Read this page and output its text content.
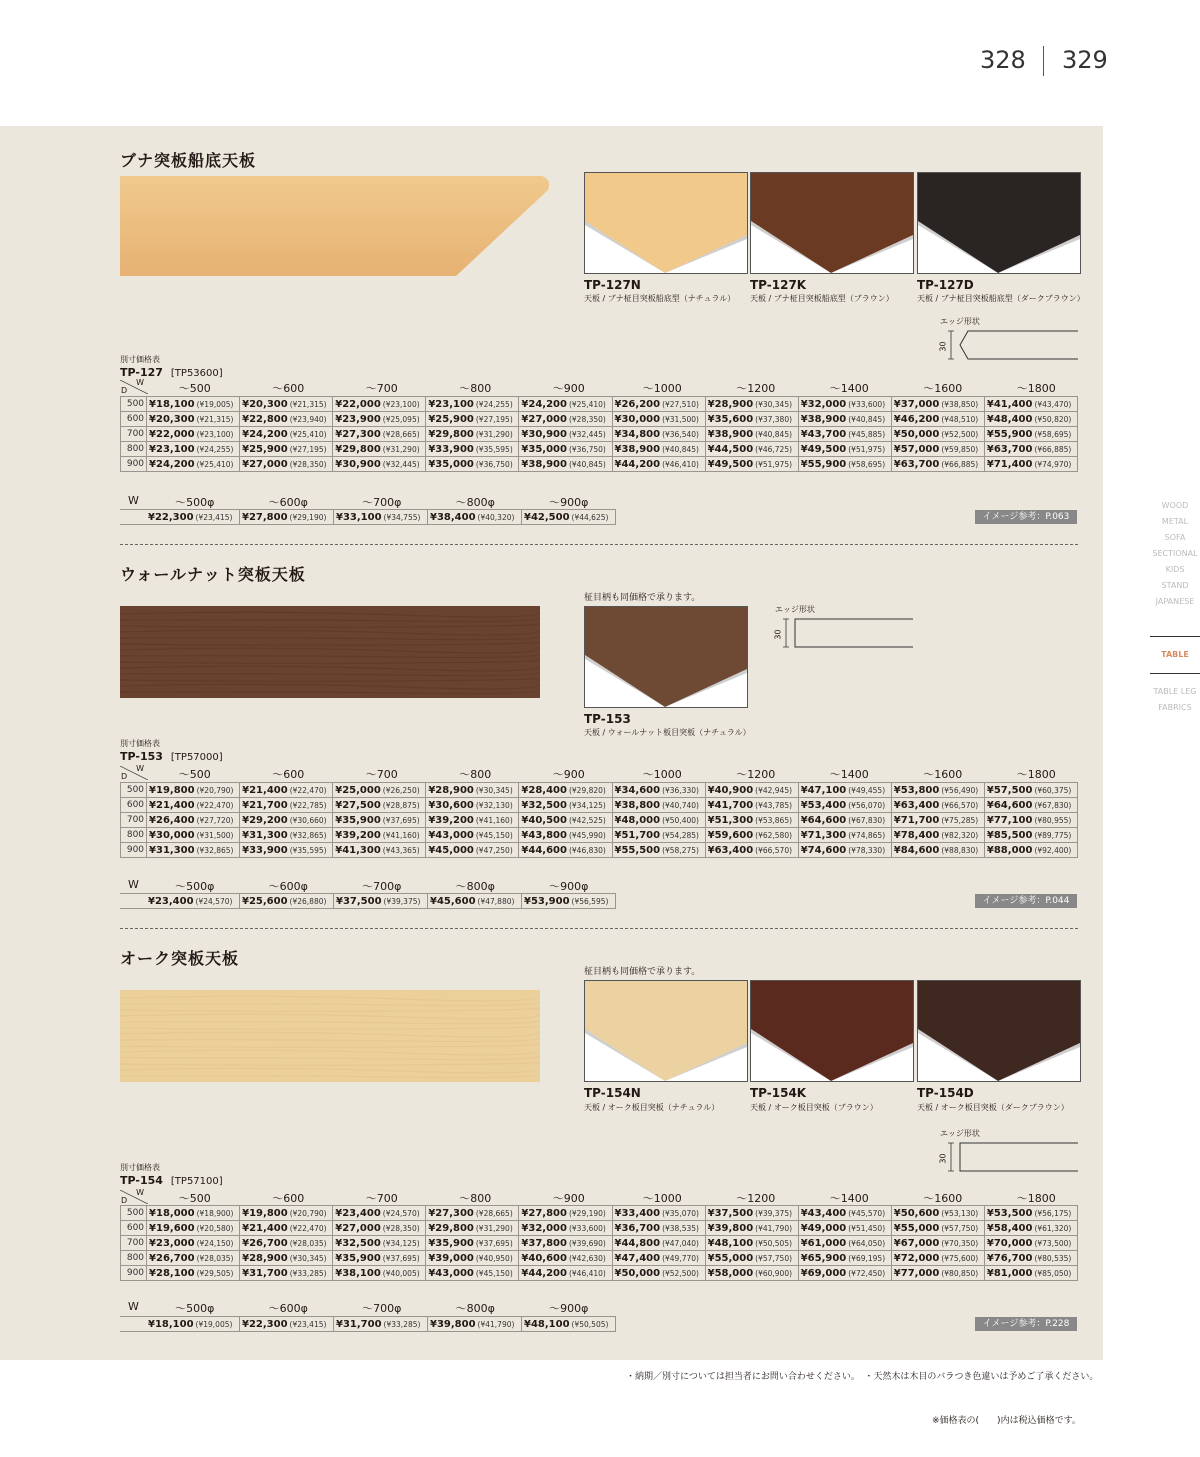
328 329
ブナ突板船底天板
TP-127N
天板 / ブナ柾目突板船底型（ナチュラル）
TP-127K
天板 / ブナ柾目突板船底型（ブラウン）
TP-127D
天板 / ブナ柾目突板船底型（ダークブラウン）
エッジ形状
30
別寸価格表
TP-127 [TP53600]
W
D	～500	～600	～700	～800	～900	～1000	～1200	～1400	～1600	～1800
500	¥18,100 (¥19,005)	¥20,300 (¥21,315)	¥22,000 (¥23,100)	¥23,100 (¥24,255)	¥24,200 (¥25,410)	¥26,200 (¥27,510)	¥28,900 (¥30,345)	¥32,000 (¥33,600)	¥37,000 (¥38,850)	¥41,400 (¥43,470)
600	¥20,300 (¥21,315)	¥22,800 (¥23,940)	¥23,900 (¥25,095)	¥25,900 (¥27,195)	¥27,000 (¥28,350)	¥30,000 (¥31,500)	¥35,600 (¥37,380)	¥38,900 (¥40,845)	¥46,200 (¥48,510)	¥48,400 (¥50,820)
700	¥22,000 (¥23,100)	¥24,200 (¥25,410)	¥27,300 (¥28,665)	¥29,800 (¥31,290)	¥30,900 (¥32,445)	¥34,800 (¥36,540)	¥38,900 (¥40,845)	¥43,700 (¥45,885)	¥50,000 (¥52,500)	¥55,900 (¥58,695)
800	¥23,100 (¥24,255)	¥25,900 (¥27,195)	¥29,800 (¥31,290)	¥33,900 (¥35,595)	¥35,000 (¥36,750)	¥38,900 (¥40,845)	¥44,500 (¥46,725)	¥49,500 (¥51,975)	¥57,000 (¥59,850)	¥63,700 (¥66,885)
900	¥24,200 (¥25,410)	¥27,000 (¥28,350)	¥30,900 (¥32,445)	¥35,000 (¥36,750)	¥38,900 (¥40,845)	¥44,200 (¥46,410)	¥49,500 (¥51,975)	¥55,900 (¥58,695)	¥63,700 (¥66,885)	¥71,400 (¥74,970)
W	～500φ	～600φ	～700φ	～800φ	～900φ
¥22,300 (¥23,415)	¥27,800 (¥29,190)	¥33,100 (¥34,755)	¥38,400 (¥40,320)	¥42,500 (¥44,625)	イメージ参考：P.063
ウォールナット突板天板
柾目柄も同価格で承ります。
TP-153
天板 / ウォールナット板目突板（ナチュラル）
エッジ形状
30
別寸価格表
TP-153 [TP57000]
W
D	～500	～600	～700	～800	～900	～1000	～1200	～1400	～1600	～1800
500	¥19,800 (¥20,790)	¥21,400 (¥22,470)	¥25,000 (¥26,250)	¥28,900 (¥30,345)	¥28,400 (¥29,820)	¥34,600 (¥36,330)	¥40,900 (¥42,945)	¥47,100 (¥49,455)	¥53,800 (¥56,490)	¥57,500 (¥60,375)
600	¥21,400 (¥22,470)	¥21,700 (¥22,785)	¥27,500 (¥28,875)	¥30,600 (¥32,130)	¥32,500 (¥34,125)	¥38,800 (¥40,740)	¥41,700 (¥43,785)	¥53,400 (¥56,070)	¥63,400 (¥66,570)	¥64,600 (¥67,830)
700	¥26,400 (¥27,720)	¥29,200 (¥30,660)	¥35,900 (¥37,695)	¥39,200 (¥41,160)	¥40,500 (¥42,525)	¥48,000 (¥50,400)	¥51,300 (¥53,865)	¥64,600 (¥67,830)	¥71,700 (¥75,285)	¥77,100 (¥80,955)
800	¥30,000 (¥31,500)	¥31,300 (¥32,865)	¥39,200 (¥41,160)	¥43,000 (¥45,150)	¥43,800 (¥45,990)	¥51,700 (¥54,285)	¥59,600 (¥62,580)	¥71,300 (¥74,865)	¥78,400 (¥82,320)	¥85,500 (¥89,775)
900	¥31,300 (¥32,865)	¥33,900 (¥35,595)	¥41,300 (¥43,365)	¥45,000 (¥47,250)	¥44,600 (¥46,830)	¥55,500 (¥58,275)	¥63,400 (¥66,570)	¥74,600 (¥78,330)	¥84,600 (¥88,830)	¥88,000 (¥92,400)
W	～500φ	～600φ	～700φ	～800φ	～900φ
¥23,400 (¥24,570)	¥25,600 (¥26,880)	¥37,500 (¥39,375)	¥45,600 (¥47,880)	¥53,900 (¥56,595)	イメージ参考：P.044
オーク突板天板
柾目柄も同価格で承ります。
TP-154N
天板 / オーク板目突板（ナチュラル）
TP-154K
天板 / オーク板目突板（ブラウン）
TP-154D
天板 / オーク板目突板（ダークブラウン）
エッジ形状
30
別寸価格表
TP-154 [TP57100]
W
D	～500	～600	～700	～800	～900	～1000	～1200	～1400	～1600	～1800
500	¥18,000 (¥18,900)	¥19,800 (¥20,790)	¥23,400 (¥24,570)	¥27,300 (¥28,665)	¥27,800 (¥29,190)	¥33,400 (¥35,070)	¥37,500 (¥39,375)	¥43,400 (¥45,570)	¥50,600 (¥53,130)	¥53,500 (¥56,175)
600	¥19,600 (¥20,580)	¥21,400 (¥22,470)	¥27,000 (¥28,350)	¥29,800 (¥31,290)	¥32,000 (¥33,600)	¥36,700 (¥38,535)	¥39,800 (¥41,790)	¥49,000 (¥51,450)	¥55,000 (¥57,750)	¥58,400 (¥61,320)
700	¥23,000 (¥24,150)	¥26,700 (¥28,035)	¥32,500 (¥34,125)	¥35,900 (¥37,695)	¥37,800 (¥39,690)	¥44,800 (¥47,040)	¥48,100 (¥50,505)	¥61,000 (¥64,050)	¥67,000 (¥70,350)	¥70,000 (¥73,500)
800	¥26,700 (¥28,035)	¥28,900 (¥30,345)	¥35,900 (¥37,695)	¥39,000 (¥40,950)	¥40,600 (¥42,630)	¥47,400 (¥49,770)	¥55,000 (¥57,750)	¥65,900 (¥69,195)	¥72,000 (¥75,600)	¥76,700 (¥80,535)
900	¥28,100 (¥29,505)	¥31,700 (¥33,285)	¥38,100 (¥40,005)	¥43,000 (¥45,150)	¥44,200 (¥46,410)	¥50,000 (¥52,500)	¥58,000 (¥60,900)	¥69,000 (¥72,450)	¥77,000 (¥80,850)	¥81,000 (¥85,050)
W	～500φ	～600φ	～700φ	～800φ	～900φ
¥18,100 (¥19,005)	¥22,300 (¥23,415)	¥31,700 (¥33,285)	¥39,800 (¥41,790)	¥48,100 (¥50,505)	イメージ参考：P.228
WOOD
METAL
SOFA
SECTIONAL
KIDS
STAND
JAPANESE
TABLE
TABLE LEG
FABRICS
・納期／別寸については担当者にお問い合わせください。　・天然木は木目のバラつき色違いは予めご了承ください。
※価格表の(　　)内は税込価格です。
